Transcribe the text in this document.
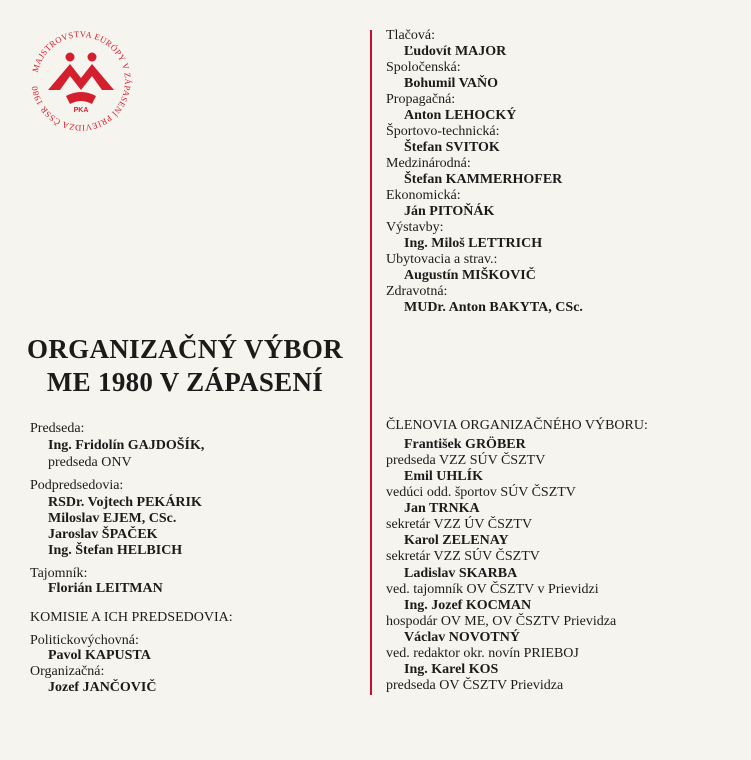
MAJSTROVSTVA EURÓPY V ZÁPASENÍ PRIEVIDZA ČSSR 1980
PKA
ORGANIZAČNÝ VÝBOR
ME 1980 V ZÁPASENÍ
Predseda:
Ing. Fridolín GAJDOŠÍK,
predseda ONV
Podpredsedovia:
RSDr. Vojtech PEKÁRIK
Miloslav EJEM, CSc.
Jaroslav ŠPAČEK
Ing. Štefan HELBICH
Tajomník:
Florián LEITMAN
KOMISIE A ICH PREDSEDOVIA:
Politickovýchovná:
Pavol KAPUSTA
Organizačná:
Jozef JANČOVIČ
Tlačová:
Ľudovít MAJOR
Spoločenská:
Bohumil VAŇO
Propagačná:
Anton LEHOCKÝ
Športovo-technická:
Štefan SVITOK
Medzinárodná:
Štefan KAMMERHOFER
Ekonomická:
Ján PITOŇÁK
Výstavby:
Ing. Miloš LETTRICH
Ubytovacia a strav.:
Augustín MIŠKOVIČ
Zdravotná:
MUDr. Anton BAKYTA, CSc.
ČLENOVIA ORGANIZAČNÉHO VÝBORU:
František GRÖBER
predseda VZZ SÚV ČSZTV
Emil UHLÍK
vedúci odd. športov SÚV ČSZTV
Jan TRNKA
sekretár VZZ ÚV ČSZTV
Karol ZELENAY
sekretár VZZ SÚV ČSZTV
Ladislav SKARBA
ved. tajomník OV ČSZTV v Prievidzi
Ing. Jozef KOCMAN
hospodár OV ME, OV ČSZTV Prievidza
Václav NOVOTNÝ
ved. redaktor okr. novín PRIEBOJ
Ing. Karel KOS
predseda OV ČSZTV Prievidza
